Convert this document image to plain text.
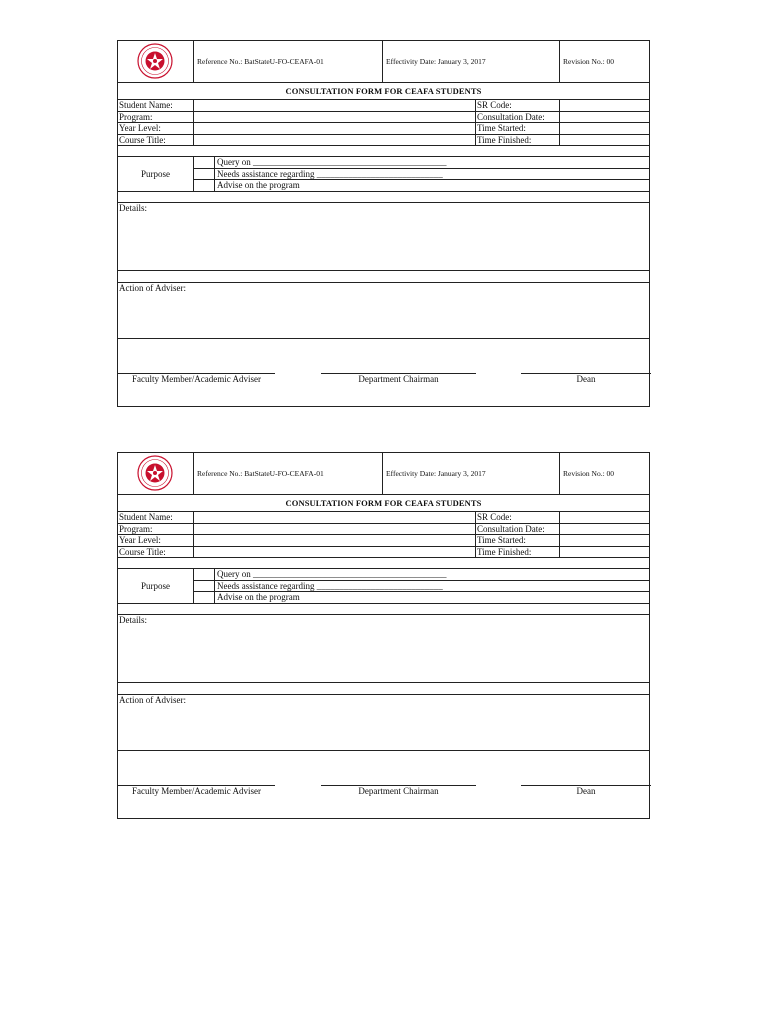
Reference No.: BatStateU-FO-CEAFA-01	Effectivity Date: January 3, 2017	Revision No.: 00
CONSULTATION FORM FOR CEAFA STUDENTS
Student Name:	SR Code:
Program:	Consultation Date:
Year Level:	Time Started:
Course Title:	Time Finished:
Purpose
Query on ___________________________________________
Needs assistance regarding ____________________________
Advise on the program
Details:
Action of Adviser:
Faculty Member/Academic Adviser	Department Chairman	Dean
Reference No.: BatStateU-FO-CEAFA-01	Effectivity Date: January 3, 2017	Revision No.: 00
CONSULTATION FORM FOR CEAFA STUDENTS
Student Name:	SR Code:
Program:	Consultation Date:
Year Level:	Time Started:
Course Title:	Time Finished:
Purpose
Query on ___________________________________________
Needs assistance regarding ____________________________
Advise on the program
Details:
Action of Adviser:
Faculty Member/Academic Adviser	Department Chairman	Dean
